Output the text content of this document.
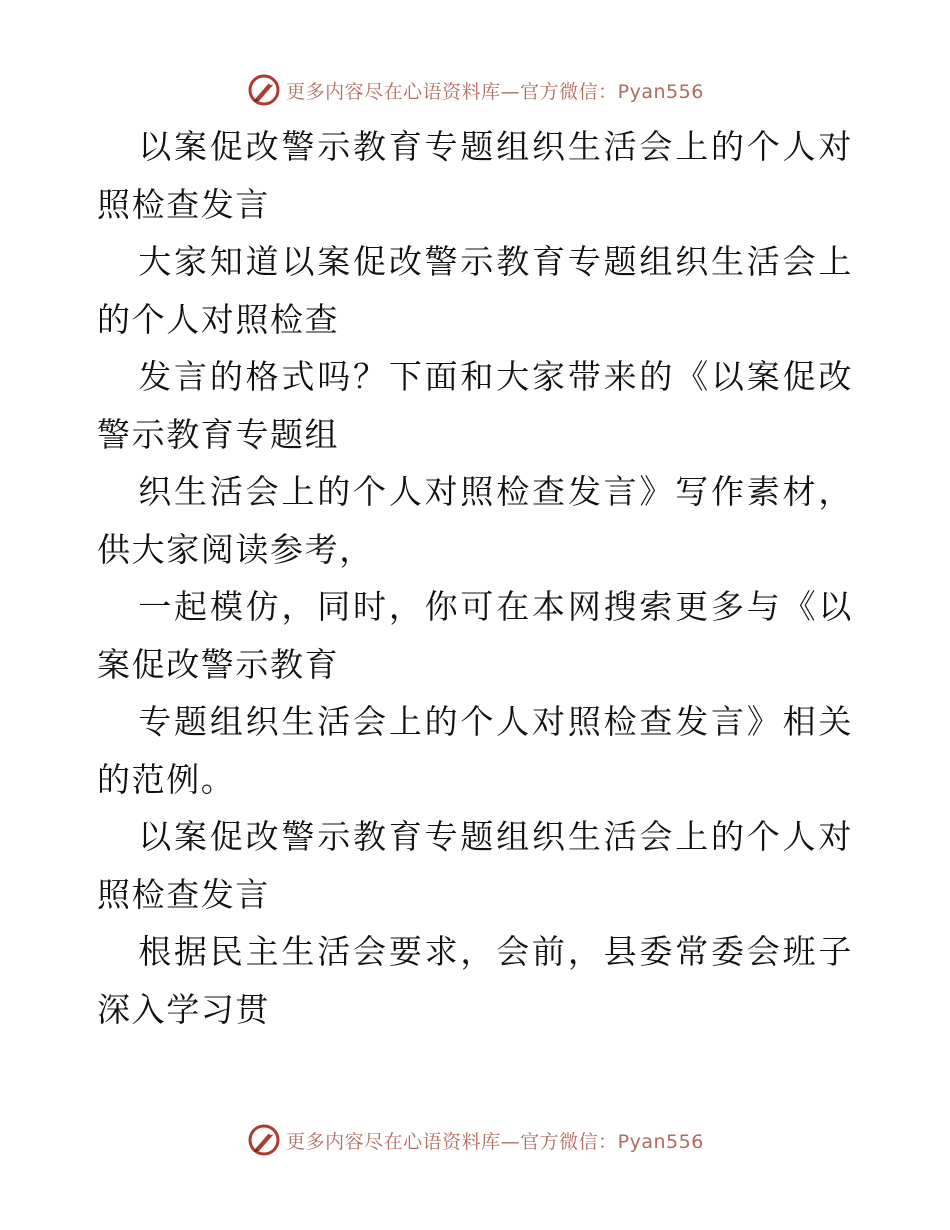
更多内容尽在心语资料库—官方微信：Pyan556

以案促改警示教育专题组织生活会上的个人对照检查发言

大家知道以案促改警示教育专题组织生活会上的个人对照检查

发言的格式吗？下面和大家带来的《以案促改警示教育专题组

织生活会上的个人对照检查发言》写作素材，供大家阅读参考，

一起模仿，同时，你可在本网搜索更多与《以案促改警示教育

专题组织生活会上的个人对照检查发言》相关的范例。

以案促改警示教育专题组织生活会上的个人对照检查发言

根据民主生活会要求，会前，县委常委会班子深入学习贯

更多内容尽在心语资料库—官方微信：Pyan556
